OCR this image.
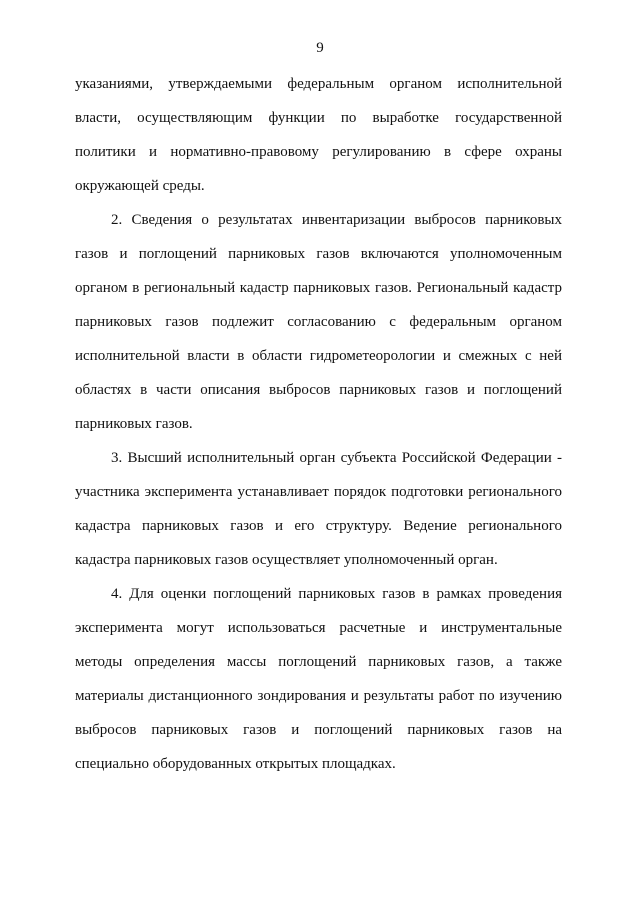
9
указаниями, утверждаемыми федеральным органом исполнительной
власти, осуществляющим функции по выработке государственной
политики и нормативно-правовому регулированию в сфере охраны
окружающей среды.
2. Сведения о результатах инвентаризации выбросов парниковых
газов и поглощений парниковых газов включаются уполномоченным
органом в региональный кадастр парниковых газов. Региональный кадастр
парниковых газов подлежит согласованию с федеральным органом
исполнительной власти в области гидрометеорологии и смежных с ней
областях в части описания выбросов парниковых газов и поглощений
парниковых газов.
3. Высший исполнительный орган субъекта Российской Федерации -
участника эксперимента устанавливает порядок подготовки регионального
кадастра парниковых газов и его структуру. Ведение регионального
кадастра парниковых газов осуществляет уполномоченный орган.
4. Для оценки поглощений парниковых газов в рамках проведения
эксперимента могут использоваться расчетные и инструментальные
методы определения массы поглощений парниковых газов, а также
материалы дистанционного зондирования и результаты работ по изучению
выбросов парниковых газов и поглощений парниковых газов на
специально оборудованных открытых площадках.
